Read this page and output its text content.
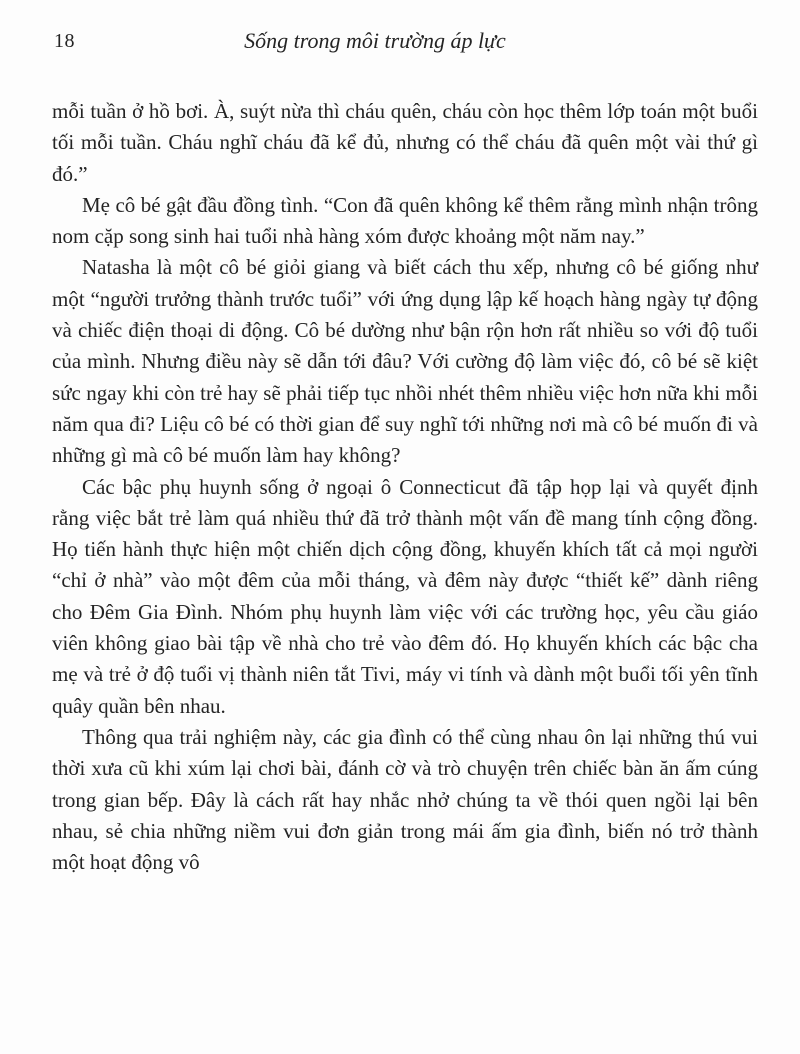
18	Sống trong môi trường áp lực

mỗi tuần ở hồ bơi. À, suýt nừa thì cháu quên, cháu còn học thêm lớp toán một buổi tối mỗi tuần. Cháu nghĩ cháu đã kể đủ, nhưng có thể cháu đã quên một vài thứ gì đó.”

Mẹ cô bé gật đầu đồng tình. “Con đã quên không kể thêm rằng mình nhận trông nom cặp song sinh hai tuổi nhà hàng xóm được khoảng một năm nay.”

Natasha là một cô bé giỏi giang và biết cách thu xếp, nhưng cô bé giống như một “người trưởng thành trước tuổi” với ứng dụng lập kế hoạch hàng ngày tự động và chiếc điện thoại di động. Cô bé dường như bận rộn hơn rất nhiều so với độ tuổi của mình. Nhưng điều này sẽ dẫn tới đâu? Với cường độ làm việc đó, cô bé sẽ kiệt sức ngay khi còn trẻ hay sẽ phải tiếp tục nhồi nhét thêm nhiều việc hơn nữa khi mỗi năm qua đi? Liệu cô bé có thời gian để suy nghĩ tới những nơi mà cô bé muốn đi và những gì mà cô bé muốn làm hay không?

Các bậc phụ huynh sống ở ngoại ô Connecticut đã tập họp lại và quyết định rằng việc bắt trẻ làm quá nhiều thứ đã trở thành một vấn đề mang tính cộng đồng. Họ tiến hành thực hiện một chiến dịch cộng đồng, khuyến khích tất cả mọi người “chỉ ở nhà” vào một đêm của mỗi tháng, và đêm này được “thiết kế” dành riêng cho Đêm Gia Đình. Nhóm phụ huynh làm việc với các trường học, yêu cầu giáo viên không giao bài tập về nhà cho trẻ vào đêm đó. Họ khuyến khích các bậc cha mẹ và trẻ ở độ tuổi vị thành niên tắt Tivi, máy vi tính và dành một buổi tối yên tĩnh quây quần bên nhau.

Thông qua trải nghiệm này, các gia đình có thể cùng nhau ôn lại những thú vui thời xưa cũ khi xúm lại chơi bài, đánh cờ và trò chuyện trên chiếc bàn ăn ấm cúng trong gian bếp. Đây là cách rất hay nhắc nhở chúng ta về thói quen ngồi lại bên nhau, sẻ chia những niềm vui đơn giản trong mái ấm gia đình, biến nó trở thành một hoạt động vô
